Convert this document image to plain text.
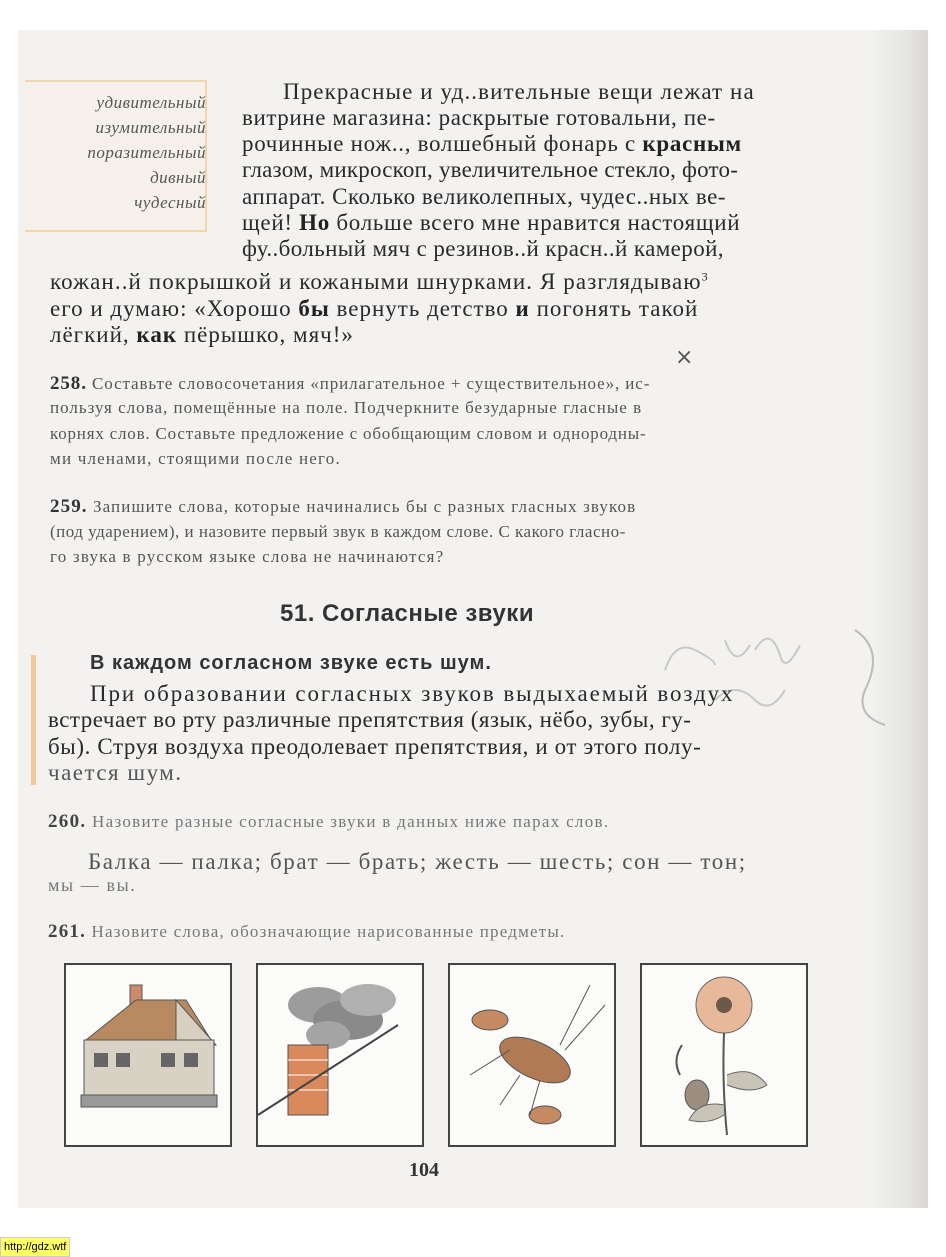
удивительный
изумительный
поразительный
дивный
чудесный
Прекрасные и уд..вительные вещи лежат на
витрине магазина: раскрытые готовальни, пе-
рочинные нож.., волшебный фонарь с красным
глазом, микроскоп, увеличительное стекло, фото-
аппарат. Сколько великолепных, чудес..ных ве-
щей! Но больше всего мне нравится настоящий
фу..больный мяч с резинов..й красн..й камерой,
кожан..й покрышкой и кожаными шнурками. Я разглядываю$^3$
его и думаю: «Хорошо бы вернуть детство и погонять такой
лёгкий, как пёрышко, мяч!»
×
258. Составьте словосочетания «прилагательное + существительное», ис-
пользуя слова, помещённые на поле. Подчеркните безударные гласные в
корнях слов. Составьте предложение с обобщающим словом и однородны-
ми членами, стоящими после него.
259. Запишите слова, которые начинались бы с разных гласных звуков
(под ударением), и назовите первый звук в каждом слове. С какого гласно-
го звука в русском языке слова не начинаются?
51. Согласные звуки
В каждом согласном звуке есть шум.
При образовании согласных звуков выдыхаемый воздух
встречает во рту различные препятствия (язык, нёбо, зубы, гу-
бы). Струя воздуха преодолевает препятствия, и от этого полу-
чается шум.
260. Назовите разные согласные звуки в данных ниже парах слов.
Балка — палка; брат — брать; жесть — шесть; сон — тон;
мы — вы.
261. Назовите слова, обозначающие нарисованные предметы.
104
http://gdz.wtf
